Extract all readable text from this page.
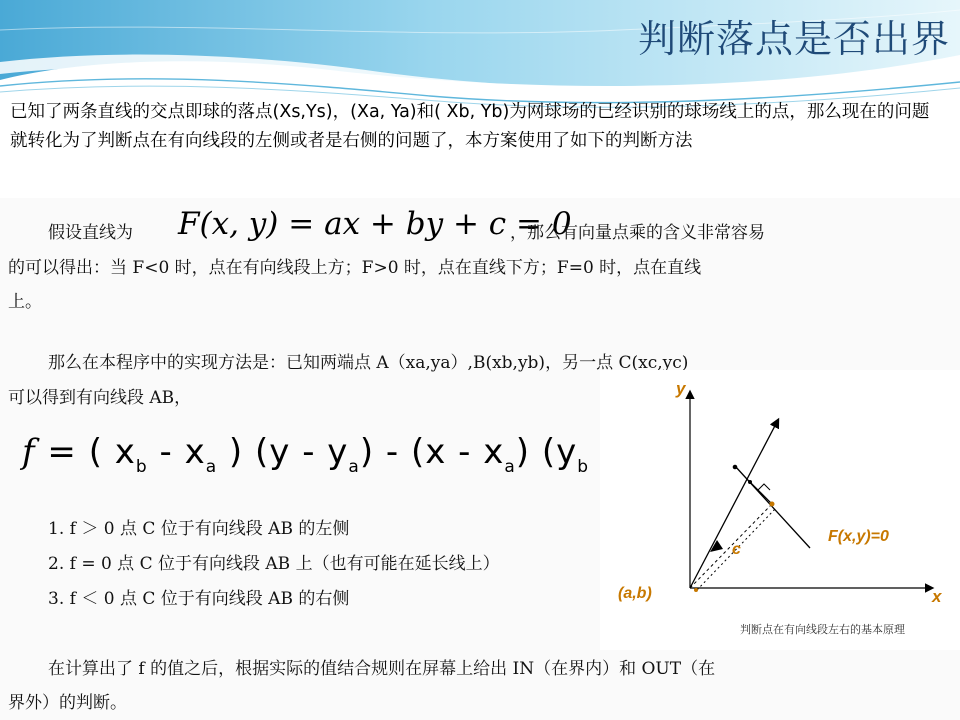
判断落点是否出界
已知了两条直线的交点即球的落点(Xs,Ys)，(Xa, Ya)和( Xb, Yb)为网球场的已经识别的球场线上的点，那么现在的问题就转化为了判断点在有向线段的左侧或者是右侧的问题了，本方案使用了如下的判断方法
假设直线为 F(x, y) = ax + by + c = 0
，那么有向量点乘的含义非常容易
的可以得出：当 F<0 时，点在有向线段上方；F>0 时，点在直线下方；F=0 时，点在直线
上。
那么在本程序中的实现方法是：已知两端点 A（xa,ya）,B(xb,yb)，另一点 C(xc,yc)
可以得到有向线段 AB，
f = ( $x_b - x_a$ ) $(y - y_a) - (x - x_a)$ ($y_b - y_a$ )
1. f ＞ 0 点 C 位于有向线段 AB 的左侧
2. f = 0 点 C 位于有向线段 AB 上（也有可能在延长线上）
3. f ＜ 0 点 C 位于有向线段 AB 的右侧
在计算出了 f 的值之后，根据实际的值结合规则在屏幕上给出 IN（在界内）和 OUT（在
界外）的判断。
y
x
(a,b)
c
F(x,y)=0
判断点在有向线段左右的基本原理
